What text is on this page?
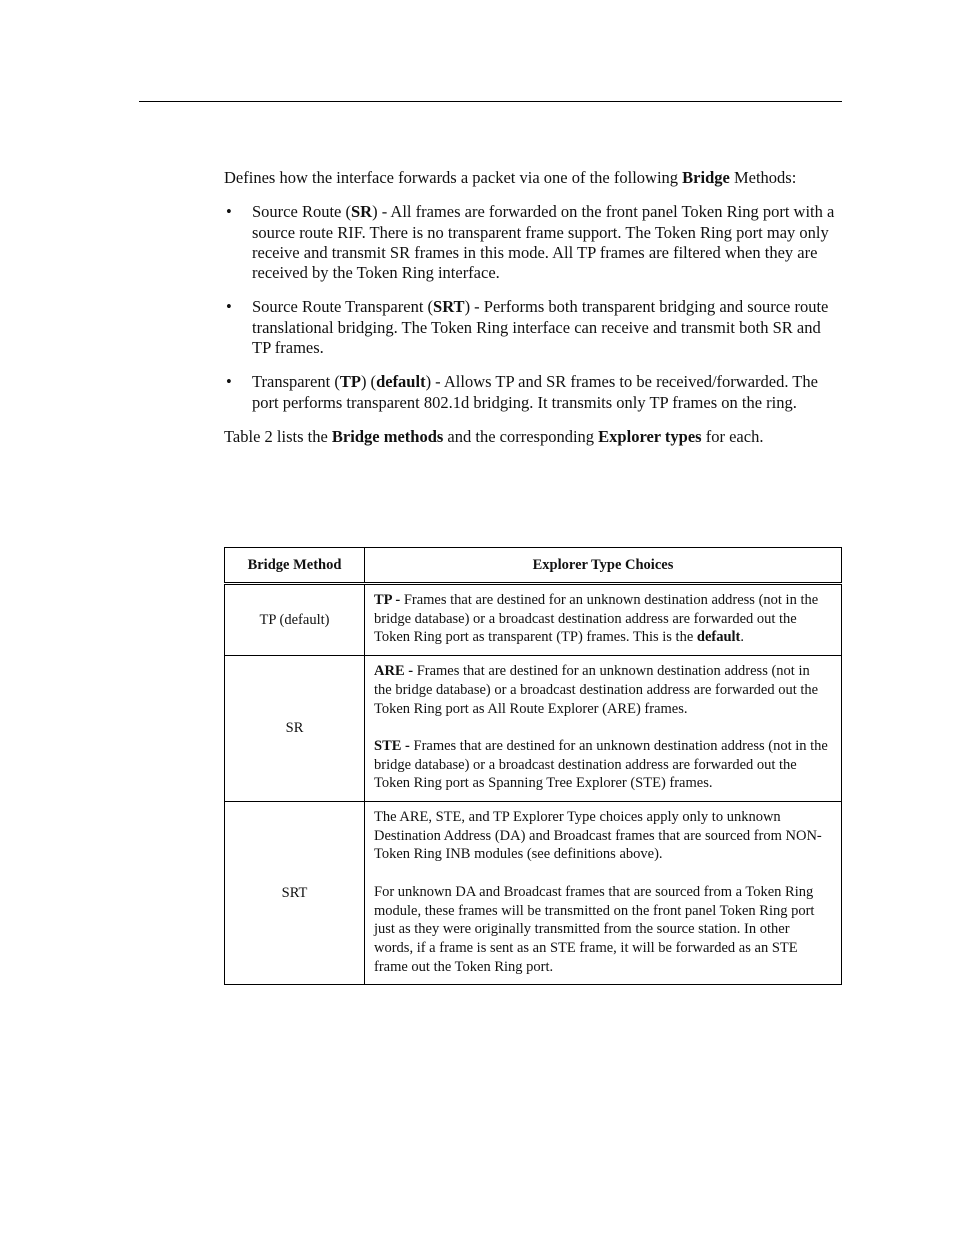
Defines how the interface forwards a packet via one of the following Bridge Methods:

• Source Route (SR) - All frames are forwarded on the front panel Token Ring port with a source route RIF. There is no transparent frame support. The Token Ring port may only receive and transmit SR frames in this mode. All TP frames are filtered when they are received by the Token Ring interface.
• Source Route Transparent (SRT) - Performs both transparent bridging and source route translational bridging. The Token Ring interface can receive and transmit both SR and TP frames.
• Transparent (TP) (default) - Allows TP and SR frames to be received/forwarded. The port performs transparent 802.1d bridging. It transmits only TP frames on the ring.

Table 2 lists the Bridge methods and the corresponding Explorer types for each.

Bridge Method	Explorer Type Choices
TP (default)	TP - Frames that are destined for an unknown destination address (not in the bridge database) or a broadcast destination address are forwarded out the Token Ring port as transparent (TP) frames. This is the default.
SR	ARE - Frames that are destined for an unknown destination address (not in the bridge database) or a broadcast destination address are forwarded out the Token Ring port as All Route Explorer (ARE) frames.
STE - Frames that are destined for an unknown destination address (not in the bridge database) or a broadcast destination address are forwarded out the Token Ring port as Spanning Tree Explorer (STE) frames.

SRT	The ARE, STE, and TP Explorer Type choices apply only to unknown Destination Address (DA) and Broadcast frames that are sourced from NON-Token Ring INB modules (see definitions above).
For unknown DA and Broadcast frames that are sourced from a Token Ring module, these frames will be transmitted on the front panel Token Ring port just as they were originally transmitted from the source station. In other words, if a frame is sent as an STE frame, it will be forwarded as an STE frame out the Token Ring port.
